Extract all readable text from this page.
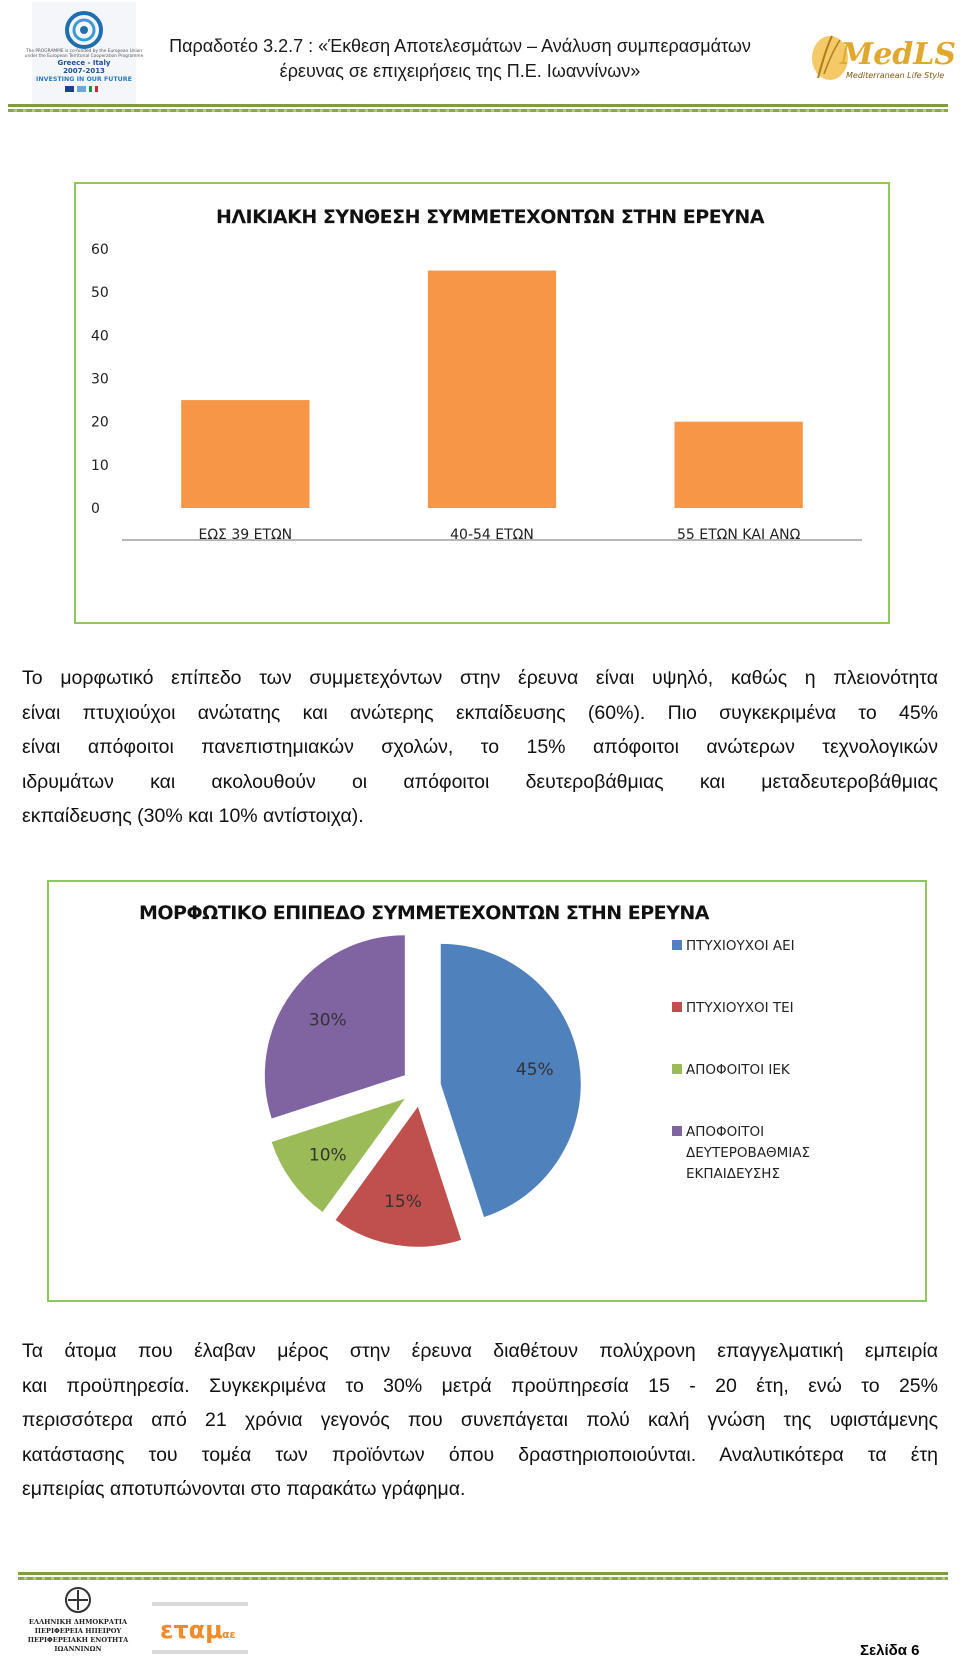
The PROGRAMME is co-funded by the European Union
under the European Territorial Cooperation Programme
Greece - Italy
2007-2013
INVESTING IN OUR FUTURE
Παραδοτέο 3.2.7 : «Έκθεση Αποτελεσμάτων – Ανάλυση συμπερασμάτων
έρευνας σε επιχειρήσεις της Π.Ε. Ιωαννίνων»	MedLS
Mediterranean Life Style
ΗΛΙΚΙΑΚΗ ΣΥΝΘΕΣΗ ΣΥΜΜΕΤΕΧΟΝΤΩΝ ΣΤΗΝ ΕΡΕΥΝΑ
0
10
20
30
40
50
60
ΕΩΣ 39 ΕΤΩΝ	40-54 ΕΤΩΝ	55 ΕΤΩΝ ΚΑΙ ΑΝΩ
Το μορφωτικό επίπεδο των συμμετεχόντων στην έρευνα είναι υψηλό, καθώς η πλειονότητα
είναι πτυχιούχοι ανώτατης και ανώτερης εκπαίδευσης (60%). Πιο συγκεκριμένα το 45%
είναι απόφοιτοι πανεπιστημιακών σχολών, το 15% απόφοιτοι ανώτερων τεχνολογικών
ιδρυμάτων και ακολουθούν οι απόφοιτοι δευτεροβάθμιας και μεταδευτεροβάθμιας
εκπαίδευσης (30% και 10% αντίστοιχα).
ΜΟΡΦΩΤΙΚΟ ΕΠΙΠΕΔΟ ΣΥΜΜΕΤΕΧΟΝΤΩΝ ΣΤΗΝ ΕΡΕΥΝΑ
45%
15%
10%
30%
ΠΤΥΧΙΟΥΧΟΙ ΑΕΙ
ΠΤΥΧΙΟΥΧΟΙ ΤΕΙ
ΑΠΟΦΟΙΤΟΙ ΙΕΚ
ΑΠΟΦΟΙΤΟΙ
ΔΕΥΤΕΡΟΒΑΘΜΙΑΣ
ΕΚΠΑΙΔΕΥΣΗΣ
Τα άτομα που έλαβαν μέρος στην έρευνα διαθέτουν πολύχρονη επαγγελματική εμπειρία
και προϋπηρεσία. Συγκεκριμένα το 30% μετρά προϋπηρεσία 15 - 20 έτη, ενώ το 25%
περισσότερα από 21 χρόνια γεγονός που συνεπάγεται πολύ καλή γνώση της υφιστάμενης
κατάστασης του τομέα των προϊόντων όπου δραστηριοποιούνται. Αναλυτικότερα τα έτη
εμπειρίας αποτυπώνονται στο παρακάτω γράφημα.
ΕΛΛΗΝΙΚΗ ΔΗΜΟΚΡΑΤΙΑ
ΠΕΡΙΦΕΡΕΙΑ ΗΠΕΙΡΟΥ
ΠΕΡΙΦΕΡΕΙΑΚΗ ΕΝΟΤΗΤΑ
ΙΩΑΝΝΙΝΩΝ
εταμ αε
Σελίδα 6
